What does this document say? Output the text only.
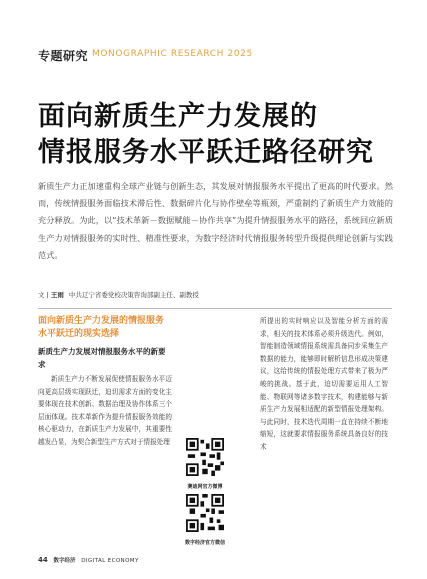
专题研究 MONOGRAPHIC RESEARCH 2025
面向新质生产力发展的
情报服务水平跃迁路径研究
新质生产力正加速重构全球产业链与创新生态，其发展对情报服务水平提出了更高的时代要求。然而，传统情报服务面临技术滞后性、数据碎片化与协作壁垒等瓶颈，严重制约了新质生产力效能的充分释放。为此，以“技术革新－数据赋能－协作共享”为提升情报服务水平的路径，系统回应新质生产力对情报服务的实时性、精准性要求，为数字经济时代情报服务转型升级提供理论创新与实践范式。
文 | 王雨 中共辽宁省委党校决策咨询部副主任、副教授
面向新质生产力发展的情报服务水平跃迁的现实选择
新质生产力发展对情报服务水平的新要求
新质生产力不断发展促使情报服务水平迈向更高层级实现跃迁，迫切需求方面的变化主要体现在技术创新、数据治理及协作体系三个层面体现。技术革新作为提升情报服务效能的核心驱动力，在新质生产力发展中，其重要性越发凸显，为契合新型生产方式对于情报处理
赛迪网官方微博
数字经济官方微信
所提出的实时响应以及智能分析方面的需求，相关的技术体系必须升级迭代。例如，智能制造领域情报系统需具备同步采集生产数据的能力，能够即时解析信息形成决策建议，这给传统的情报处理方式带来了极为严峻的挑战。基于此，迫切需要运用人工智能、物联网等诸多数字技术，构建能够与新质生产力发展相适配的新型情报处理架构。与此同时，技术迭代周期一直在持续不断地缩短，这就要求情报服务系统具备良好的技术
44 数字经济 DIGITAL ECONOMY
